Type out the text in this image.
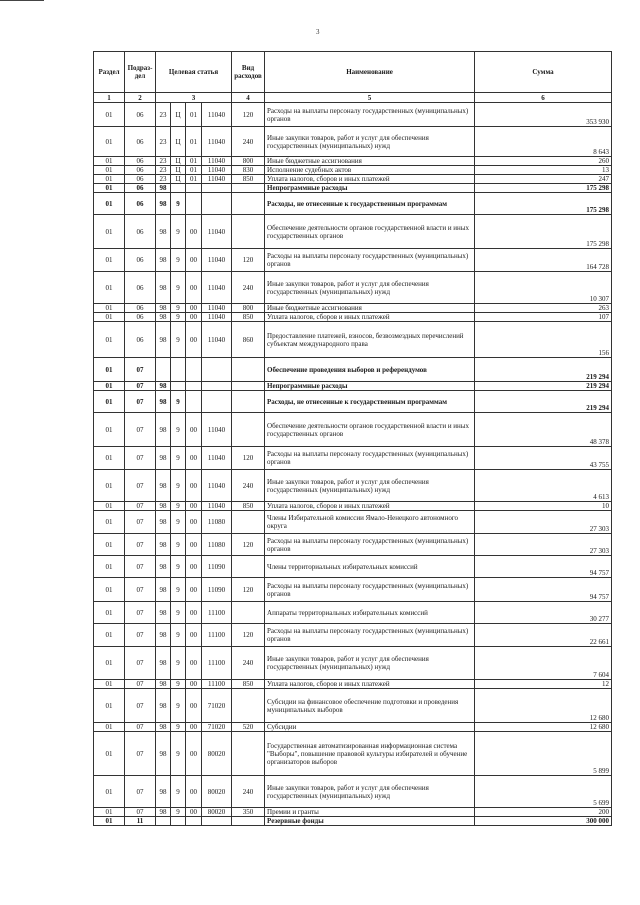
3
Раздел	Подраз-дел	Целевая статья				Вид расходов	Наименование	Сумма
1	2	3				4	5	6
01	06	23	Ц	01	11040	120	Расходы на выплаты персоналу государственных (муниципальных) органов	353 930
01	06	23	Ц	01	11040	240	Иные закупки товаров, работ и услуг для обеспечения государственных (муниципальных) нужд	8 643
01	06	23	Ц	01	11040	800	Иные бюджетные ассигнования	260
01	06	23	Ц	01	11040	830	Исполнение судебных актов	13
01	06	23	Ц	01	11040	850	Уплата налогов, сборов и иных платежей	247
01	06	98					Непрограммные расходы	175 298
01	06	98	9				Расходы, не отнесенные к государственным программам	175 298
01	06	98	9	00	11040		Обеспечение деятельности органов государственной власти и иных государственных органов	175 298
01	06	98	9	00	11040	120	Расходы на выплаты персоналу государственных (муниципальных) органов	164 728
01	06	98	9	00	11040	240	Иные закупки товаров, работ и услуг для обеспечения государственных (муниципальных) нужд	10 307
01	06	98	9	00	11040	800	Иные бюджетные ассигнования	263
01	06	98	9	00	11040	850	Уплата налогов, сборов и иных платежей	107
01	06	98	9	00	11040	860	Предоставление платежей, взносов, безвозмездных перечислений субъектам международного права	156
01	07						Обеспечение проведения выборов и референдумов	219 294
01	07	98					Непрограммные расходы	219 294
01	07	98	9				Расходы, не отнесенные к государственным программам	219 294
01	07	98	9	00	11040		Обеспечение деятельности органов государственной власти и иных государственных органов	48 378
01	07	98	9	00	11040	120	Расходы на выплаты персоналу государственных (муниципальных) органов	43 755
01	07	98	9	00	11040	240	Иные закупки товаров, работ и услуг для обеспечения государственных (муниципальных) нужд	4 613
01	07	98	9	00	11040	850	Уплата налогов, сборов и иных платежей	10
01	07	98	9	00	11080		Члены Избирательной комиссии Ямало-Ненецкого автономного округа	27 303
01	07	98	9	00	11080	120	Расходы на выплаты персоналу государственных (муниципальных) органов	27 303
01	07	98	9	00	11090		Члены территориальных избирательных комиссий	94 757
01	07	98	9	00	11090	120	Расходы на выплаты персоналу государственных (муниципальных) органов	94 757
01	07	98	9	00	11100		Аппараты территориальных избирательных комиссий	30 277
01	07	98	9	00	11100	120	Расходы на выплаты персоналу государственных (муниципальных) органов	22 661
01	07	98	9	00	11100	240	Иные закупки товаров, работ и услуг для обеспечения государственных (муниципальных) нужд	7 604
01	07	98	9	00	11100	850	Уплата налогов, сборов и иных платежей	12
01	07	98	9	00	71020		Субсидии на финансовое обеспечение подготовки и проведения муниципальных выборов	12 680
01	07	98	9	00	71020	520	Субсидии	12 680
01	07	98	9	00	80020		Государственная автоматизированная информационная система "Выборы", повышение правовой культуры избирателей и обучение организаторов выборов	5 899
01	07	98	9	00	80020	240	Иные закупки товаров, работ и услуг для обеспечения государственных (муниципальных) нужд	5 699
01	07	98	9	00	80020	350	Премии и гранты	200
01	11						Резервные фонды	300 000
